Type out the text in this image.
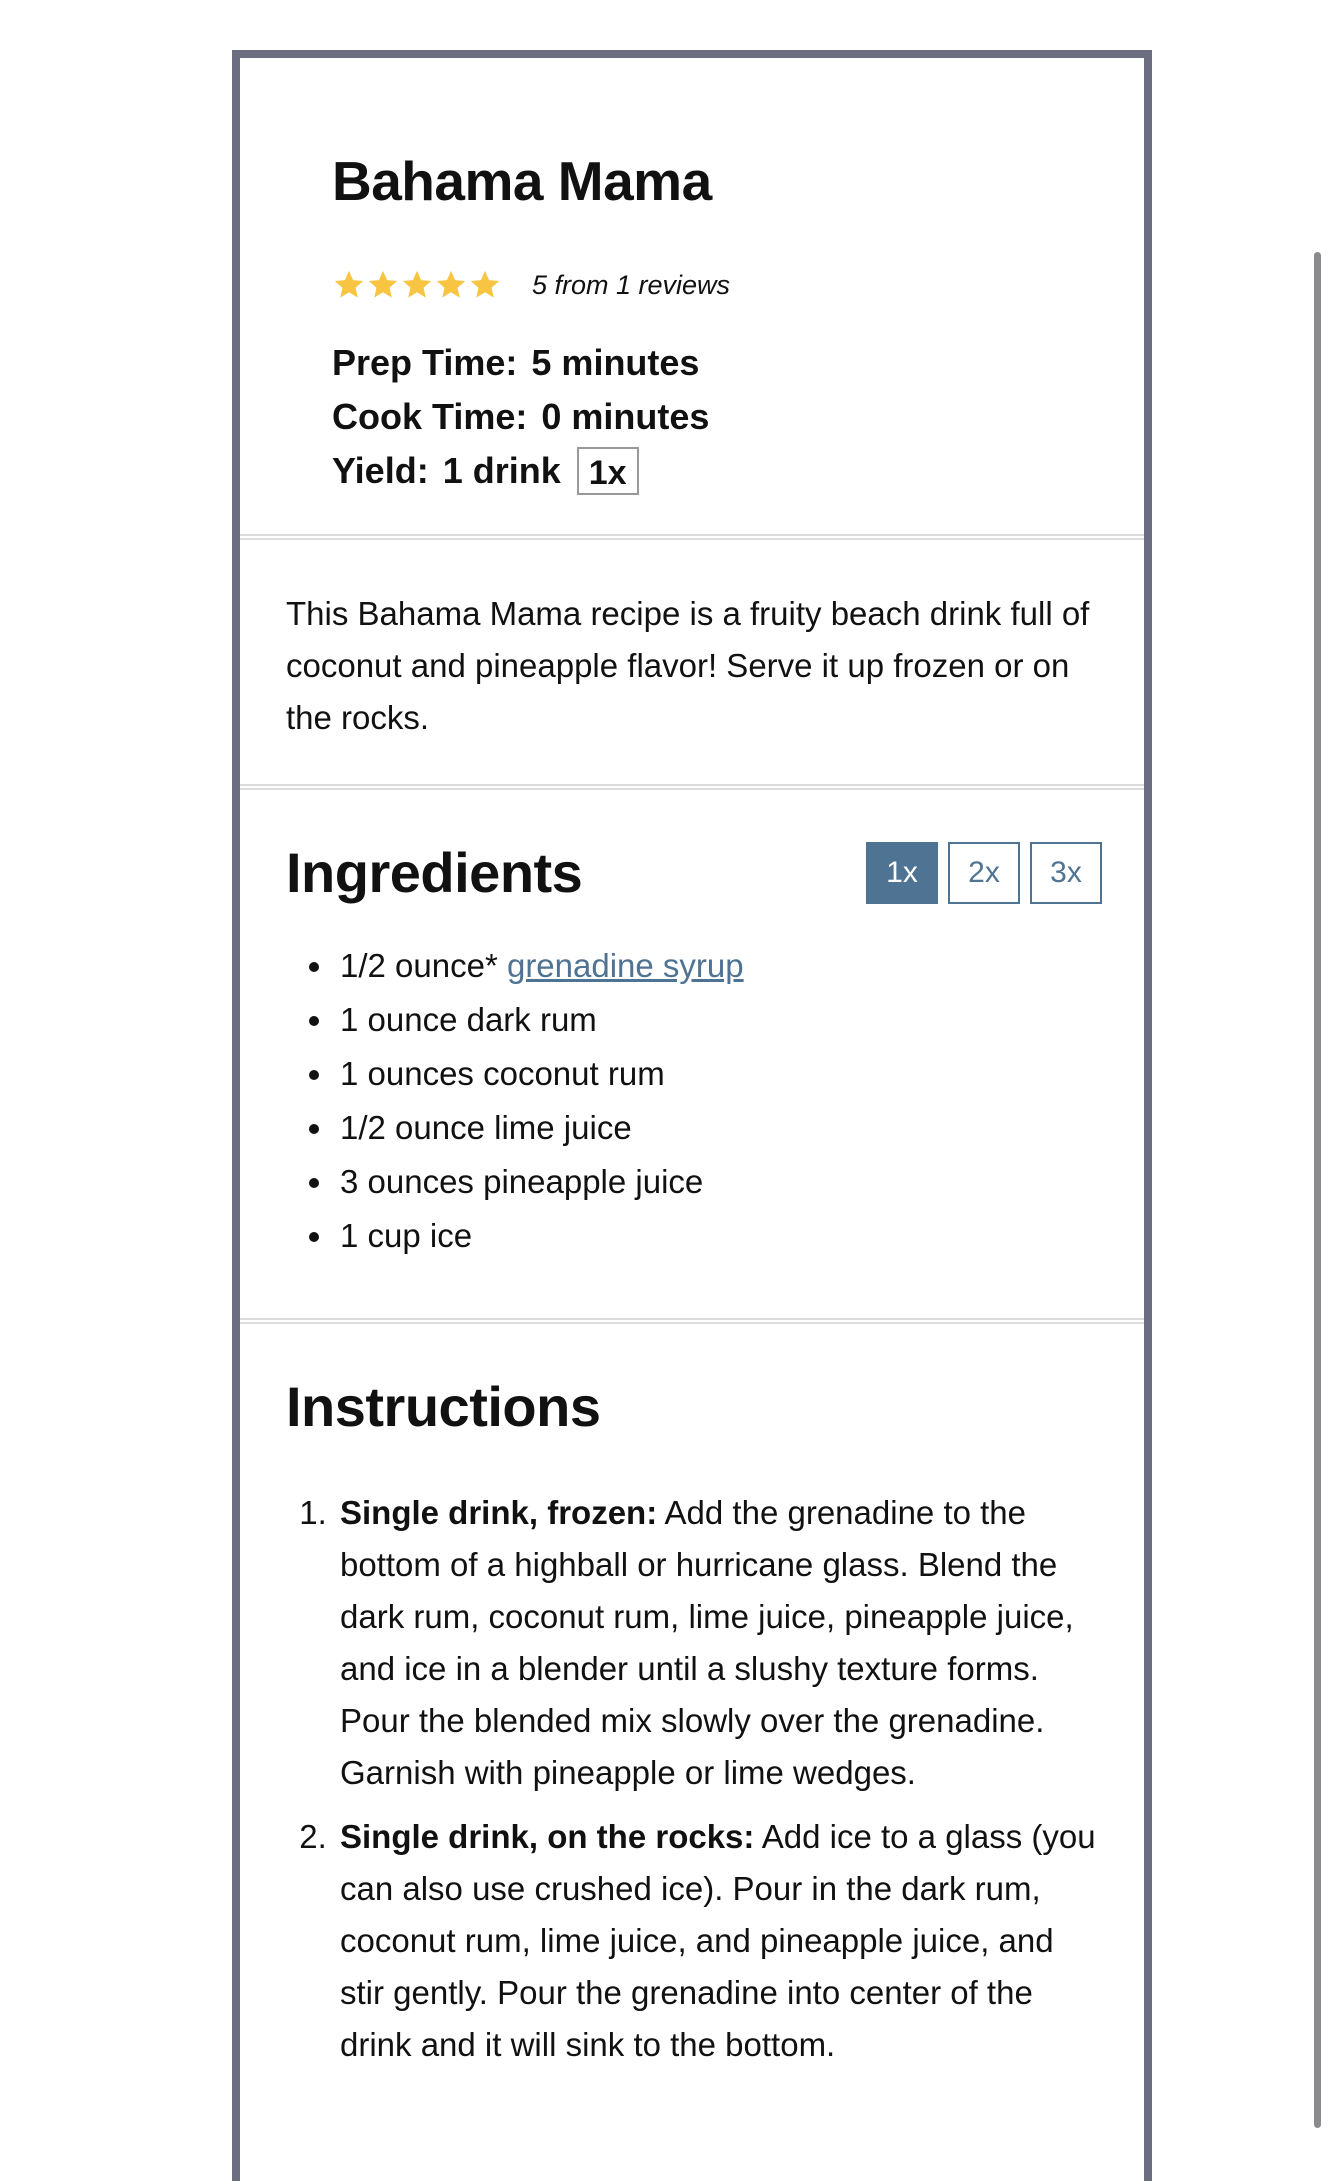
Bahama Mama
5 from 1 reviews
Prep Time: 5 minutes
Cook Time: 0 minutes
Yield: 1 drink 1x
This Bahama Mama recipe is a fruity beach drink full of coconut and pineapple flavor! Serve it up frozen or on the rocks.
Ingredients	1x	2x	3x
• 1/2 ounce* grenadine syrup
• 1 ounce dark rum
• 1 ounces coconut rum
• 1/2 ounce lime juice
• 3 ounces pineapple juice
• 1 cup ice
Instructions
1. Single drink, frozen: Add the grenadine to the bottom of a highball or hurricane glass. Blend the dark rum, coconut rum, lime juice, pineapple juice, and ice in a blender until a slushy texture forms. Pour the blended mix slowly over the grenadine. Garnish with pineapple or lime wedges.
2. Single drink, on the rocks: Add ice to a glass (you can also use crushed ice). Pour in the dark rum, coconut rum, lime juice, and pineapple juice, and stir gently. Pour the grenadine into center of the drink and it will sink to the bottom.
